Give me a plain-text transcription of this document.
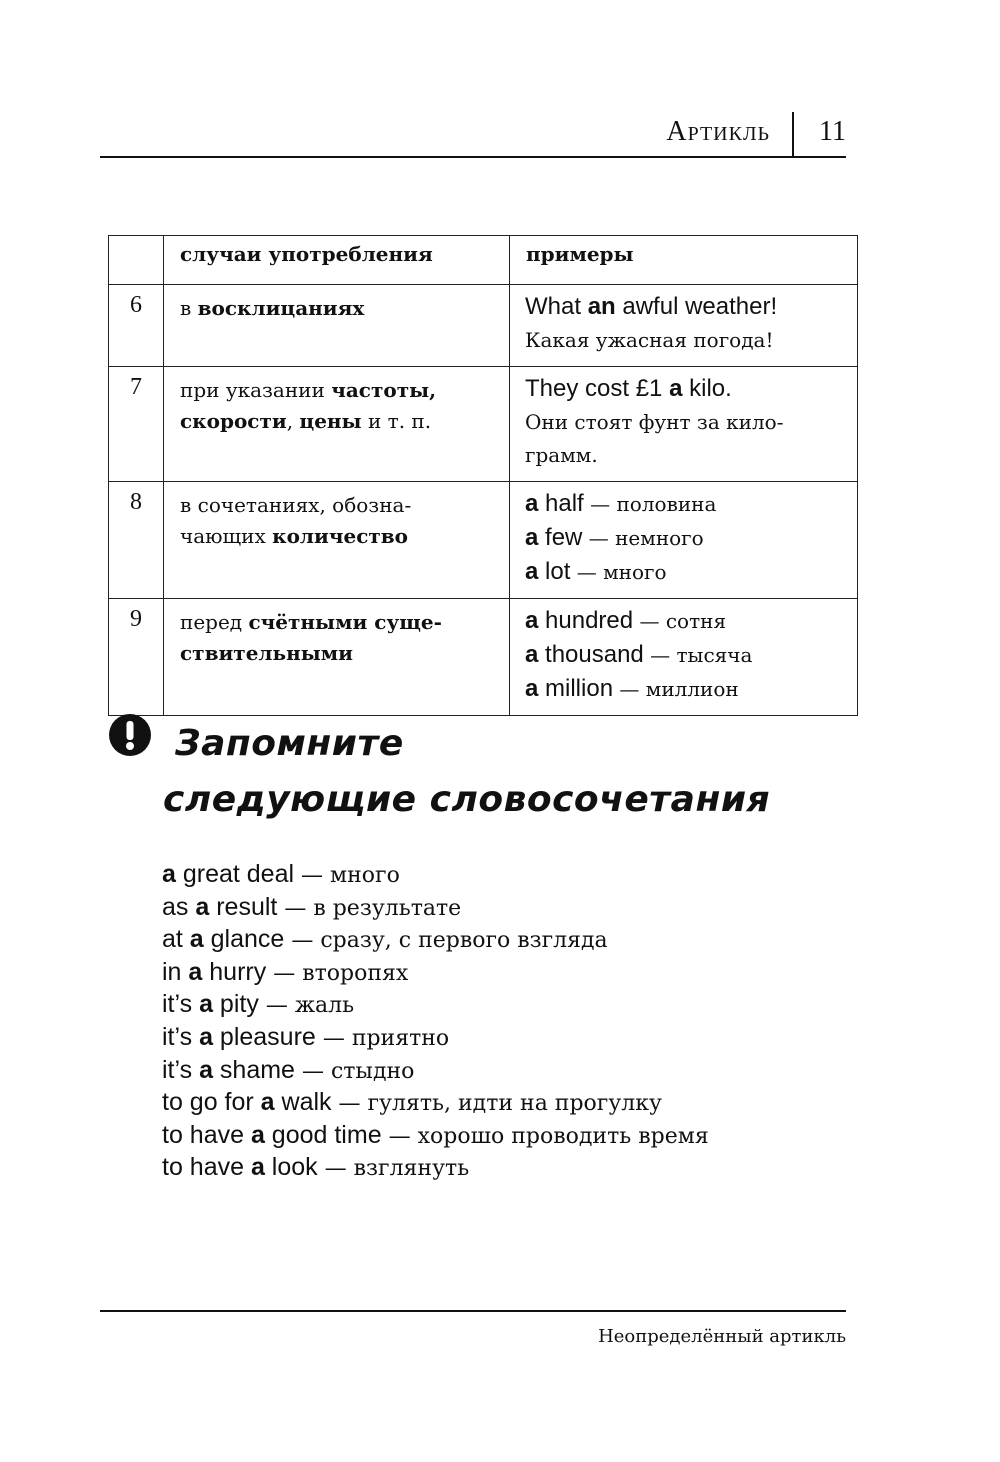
Артикль 11
	случаи употребления	примеры
6	в восклицаниях	What an awful weather!
Какая ужасная погода!

7	при указании частоты, скорости, цены и т. п.	They cost £1 a kilo.
Они стоят фунт за кило-
грамм.

8	в сочетаниях, обозна- чающих количество	a half — половина
a few — немного
a lot — много

9	перед счётными суще- ствительными	a hundred — сотня
a thousand — тысяча
a million — миллион
Запомните
следующие словосочетания
a great deal — много
as a result — в результате
at a glance — сразу, с первого взгляда
in a hurry — второпях
it’s a pity — жаль
it’s a pleasure — приятно
it’s a shame — стыдно
to go for a walk — гулять, идти на прогулку
to have a good time — хорошо проводить время
to have a look — взглянуть
Неопределённый артикль
